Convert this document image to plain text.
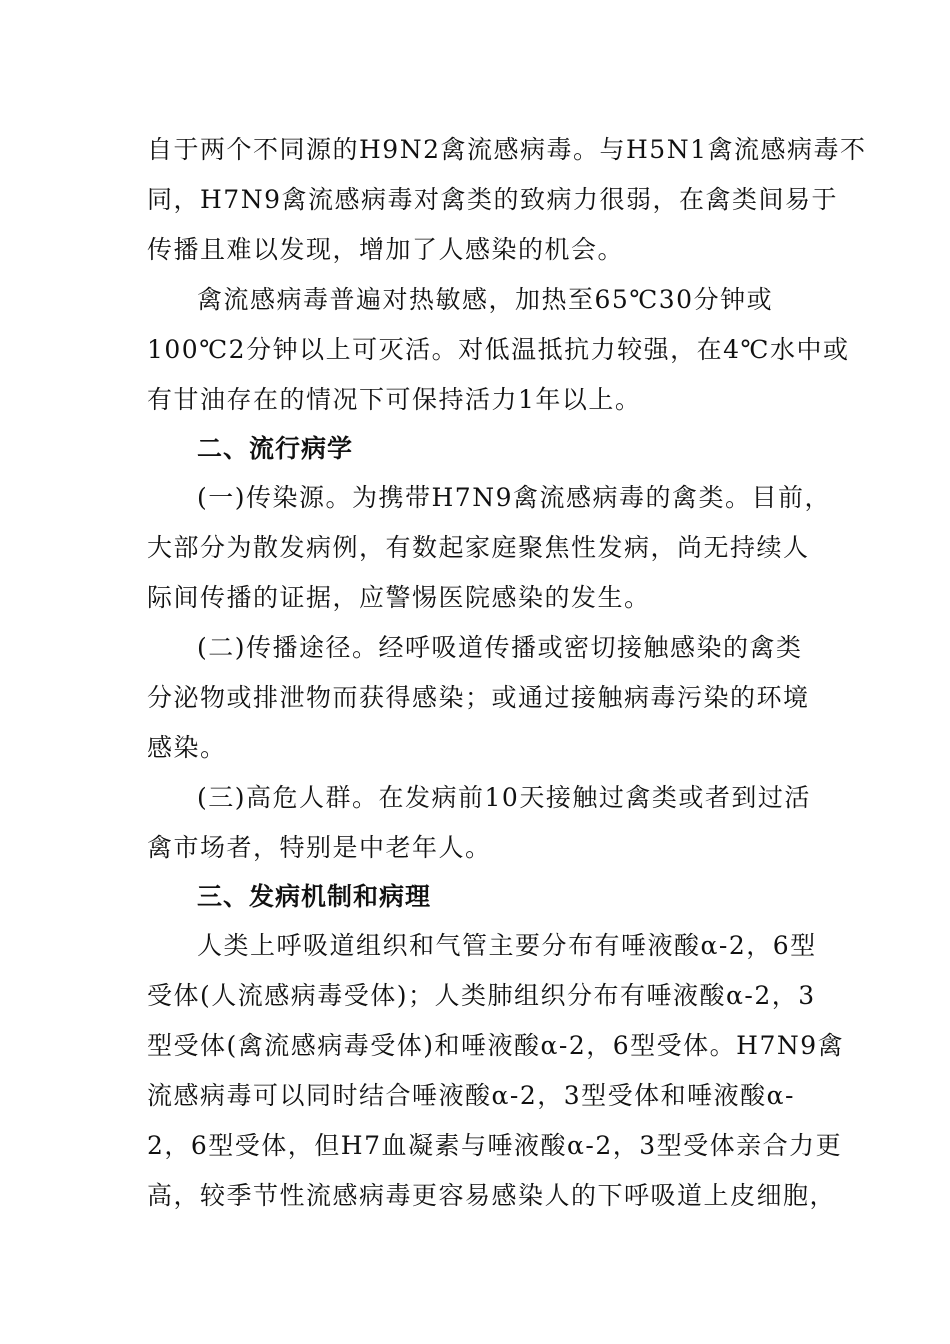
自于两个不同源的H9N2禽流感病毒。与H5N1禽流感病毒不
同，H7N9禽流感病毒对禽类的致病力很弱，在禽类间易于
传播且难以发现，增加了人感染的机会。
禽流感病毒普遍对热敏感，加热至65℃30分钟或
100℃2分钟以上可灭活。对低温抵抗力较强，在4℃水中或
有甘油存在的情况下可保持活力1年以上。
二、流行病学
(一)传染源。为携带H7N9禽流感病毒的禽类。目前，
大部分为散发病例，有数起家庭聚焦性发病，尚无持续人
际间传播的证据，应警惕医院感染的发生。
(二)传播途径。经呼吸道传播或密切接触感染的禽类
分泌物或排泄物而获得感染；或通过接触病毒污染的环境
感染。
(三)高危人群。在发病前10天接触过禽类或者到过活
禽市场者，特别是中老年人。
三、发病机制和病理
人类上呼吸道组织和气管主要分布有唾液酸α-2，6型
受体(人流感病毒受体)；人类肺组织分布有唾液酸α-2，3
型受体(禽流感病毒受体)和唾液酸α-2，6型受体。H7N9禽
流感病毒可以同时结合唾液酸α-2，3型受体和唾液酸α-
2，6型受体，但H7血凝素与唾液酸α-2，3型受体亲合力更
高，较季节性流感病毒更容易感染人的下呼吸道上皮细胞，
